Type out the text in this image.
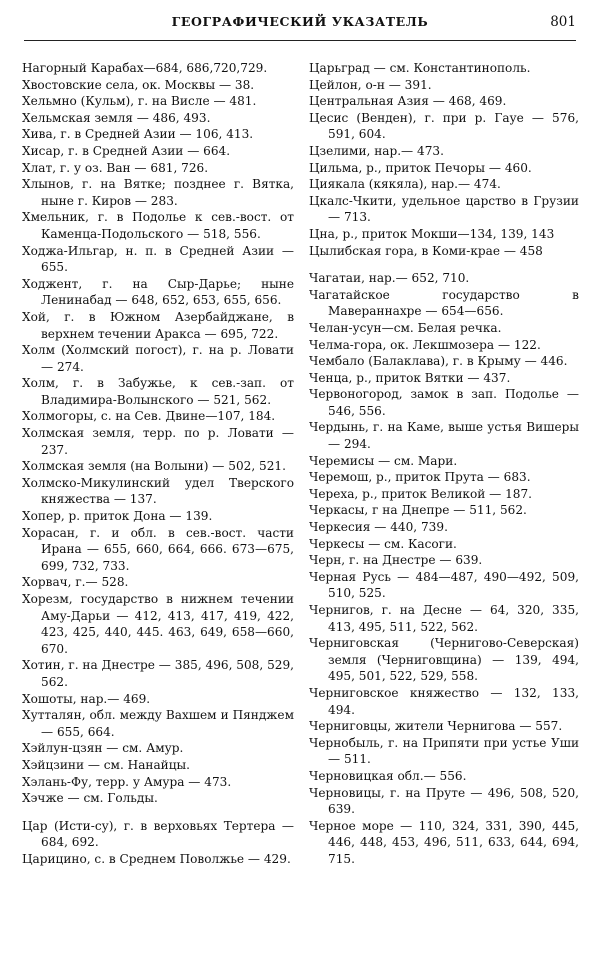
ГЕОГРАФИЧЕСКИЙ УКАЗАТЕЛЬ	801
Нагорный Карабах—684, 686,720,729.
Хвостовские села, ок. Москвы — 38.
Хельмно (Кульм), г. на Висле — 481.
Хельмская земля — 486, 493.
Хива, г. в Средней Азии — 106, 413.
Хисар, г. в Средней Азии — 664.
Хлат, г. у оз. Ван — 681, 726.
Хлынов, г. на Вятке; позднее г. Вятка, ныне г. Киров — 283.
Хмельник, г. в Подолье к сев.-вост. от Каменца-Подольского — 518, 556.
Ходжа-Ильгар, н. п. в Средней Азии — 655.
Ходжент, г. на Сыр-Дарье; ныне Ленинабад — 648, 652, 653, 655, 656.
Хой, г. в Южном Азербайджане, в верхнем течении Аракса — 695, 722.
Холм (Холмский погост), г. на р. Ловати — 274.
Холм, г. в Забужье, к сев.-зап. от Владимира-Волынского — 521, 562.
Холмогоры, с. на Сев. Двине—107, 184.
Холмская земля, терр. по р. Ловати — 237.
Холмская земля (на Волыни) — 502, 521.
Холмско-Микулинский удел Тверского княжества — 137.
Хопер, р. приток Дона — 139.
Хорасан, г. и обл. в сев.-вост. части Ирана — 655, 660, 664, 666. 673—675, 699, 732, 733.
Хорвач, г.— 528.
Хорезм, государство в нижнем течении Аму-Дарьи — 412, 413, 417, 419, 422, 423, 425, 440, 445. 463, 649, 658—660, 670.
Хотин, г. на Днестре — 385, 496, 508, 529, 562.
Хошоты, нар.— 469.
Хутталян, обл. между Вахшем и Пянджем — 655, 664.
Хэйлун-цзян — см. Амур.
Хэйцзини — см. Нанайцы.
Хэлань-Фу, терр. у Амура — 473.
Хэчже — см. Гольды.
Цар (Исти-су), г. в верховьях Тертера — 684, 692.
Царицино, с. в Среднем Поволжье — 429.
Царьград — см. Константинополь.
Цейлон, о-н — 391.
Центральная Азия — 468, 469.
Цесис (Венден), г. при р. Гауе — 576, 591, 604.
Цзелими, нар.— 473.
Цильма, р., приток Печоры — 460.
Циякала (кякяла), нар.— 474.
Цкалс-Чкити, удельное царство в Грузии — 713.
Цна, р., приток Мокши—134, 139, 143
Цылибская гора, в Коми-крае — 458
Чагатаи, нар.— 652, 710.
Чагатайское государство в Мавераннахре — 654—656.
Челан-усун—см. Белая речка.
Челма-гора, ок. Лекшмозера — 122.
Чембало (Балаклава), г. в Крыму — 446.
Ченца, р., приток Вятки — 437.
Червоногород, замок в зап. Подолье — 546, 556.
Чердынь, г. на Каме, выше устья Вишеры — 294.
Черемисы — см. Мари.
Черемош, р., приток Прута — 683.
Череха, р., приток Великой — 187.
Черкасы, г на Днепре — 511, 562.
Черкесия — 440, 739.
Черкесы — см. Касоги.
Черн, г. на Днестре — 639.
Черная Русь — 484—487, 490—492, 509, 510, 525.
Чернигов, г. на Десне — 64, 320, 335, 413, 495, 511, 522, 562.
Черниговская (Чернигово-Северская) земля (Черниговщина) — 139, 494, 495, 501, 522, 529, 558.
Черниговское княжество — 132, 133, 494.
Черниговцы, жители Чернигова — 557.
Чернобыль, г. на Припяти при устье Уши — 511.
Черновицкая обл.— 556.
Черновицы, г. на Пруте — 496, 508, 520, 639.
Черное море — 110, 324, 331, 390, 445, 446, 448, 453, 496, 511, 633, 644, 694, 715.
